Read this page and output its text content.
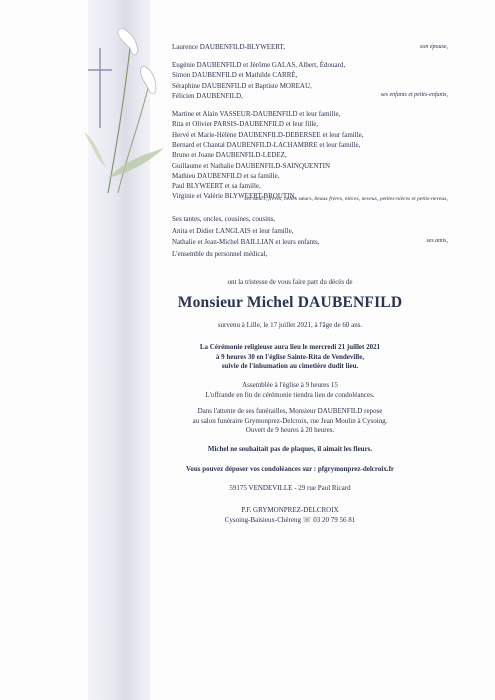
Laurence DAUBENFILD-BLYWEERT,	son épouse,
Eugénie DAUBENFILD et Jérôme GALAS, Albert, Édouard,
Simon DAUBENFILD et Mathilde CARRÉ,
Séraphine DAUBENFILD et Baptiste MOREAU,
Félicien DAUBENFILD,	ses enfants et petits-enfants,
Martine et Alain VASSEUR-DAUBENFILD et leur famille,
Rita et Olivier PARSIS-DAUBENFILD et leur fille,
Hervé et Marie-Hélène DAUBENFILD-DEBERSEE et leur famille,
Bernard et Chantal DAUBENFILD-LACHAMBRE et leur famille,
Bruno et Joane DAUBENFILD-LEDEZ,
Guillaume et Nathalie DAUBENFILD-SAINQUENTIN
Mathieu DAUBENFILD et sa famille,
Paul BLYWEERT et sa famille,
Virginie et Valérie BLYWEERT-BROUTIN,
ses sœurs, frères, belles sœurs, beaux frères, nièces, neveux, petites-nièces et petits-neveux,
Ses tantes, oncles, cousines, cousins,
Anita et Didier LANGLAIS et leur famille,
Nathalie et Jean-Michel BAILLIAN et leurs enfants,
L'ensemble du personnel médical,
ses amis,
ont la tristesse de vous faire part du décès de
Monsieur Michel DAUBENFILD
survenu à Lille, le 17 juillet 2021, à l'âge de 60 ans.
La Cérémonie religieuse aura lieu le mercredi 21 juillet 2021
à 9 heures 30 en l'église Sainte-Rita de Vendeville,
suivie de l'inhumation au cimetière dudit lieu.
Assemblée à l'église à 9 heures 15
L'offrande en fin de cérémonie tiendra lieu de condoléances.
Dans l'attente de ses funérailles, Monsieur DAUBENFILD repose
au salon funéraire Grymonprez-Delcroix, rue Jean Moulin à Cysoing.
Ouvert de 9 heures à 20 heures.
Michel ne souhaitait pas de plaques, il aimait les fleurs.
Vous pouvez déposer vos condoléances sur : pfgrymonprez-delcroix.fr
59175 VENDEVILLE - 29 rue Paul Ricard
P.F. GRYMONPREZ-DELCROIX
Cysoing-Baisieux-Chéreng ☏ 03 20 79 56 81
